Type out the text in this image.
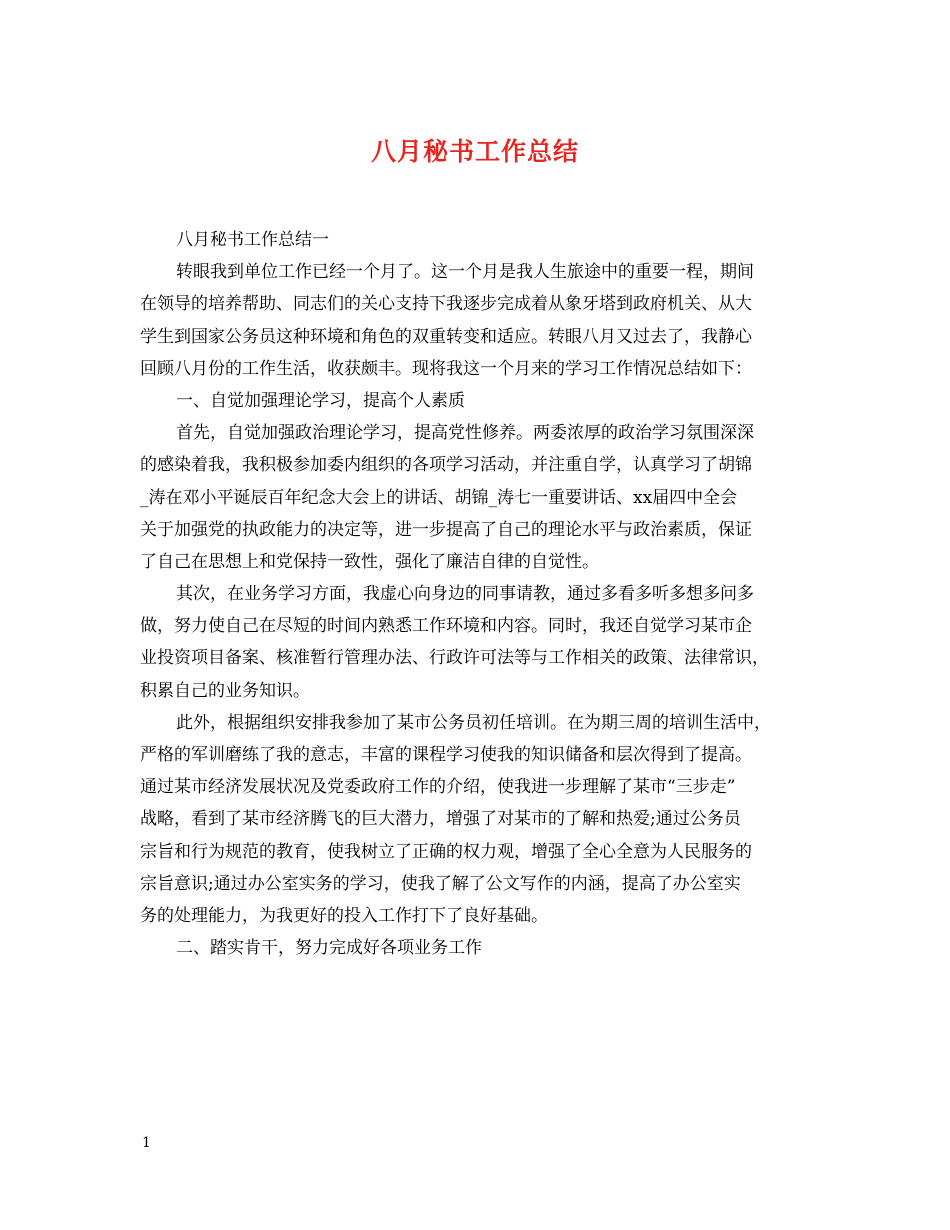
八月秘书工作总结
八月秘书工作总结一
转眼我到单位工作已经一个月了。这一个月是我人生旅途中的重要一程，期间
在领导的培养帮助、同志们的关心支持下我逐步完成着从象牙塔到政府机关、从大
学生到国家公务员这种环境和角色的双重转变和适应。转眼八月又过去了，我静心
回顾八月份的工作生活，收获颇丰。现将我这一个月来的学习工作情况总结如下：
一、自觉加强理论学习，提高个人素质
首先，自觉加强政治理论学习，提高党性修养。两委浓厚的政治学习氛围深深
的感染着我，我积极参加委内组织的各项学习活动，并注重自学，认真学习了胡锦
_涛在邓小平诞辰百年纪念大会上的讲话、胡锦_涛七一重要讲话、xx届四中全会
关于加强党的执政能力的决定等，进一步提高了自己的理论水平与政治素质，保证
了自己在思想上和党保持一致性，强化了廉洁自律的自觉性。
其次，在业务学习方面，我虚心向身边的同事请教，通过多看多听多想多问多
做，努力使自己在尽短的时间内熟悉工作环境和内容。同时，我还自觉学习某市企
业投资项目备案、核准暂行管理办法、行政许可法等与工作相关的政策、法律常识，
积累自己的业务知识。
此外，根据组织安排我参加了某市公务员初任培训。在为期三周的培训生活中，
严格的军训磨练了我的意志，丰富的课程学习使我的知识储备和层次得到了提高。
通过某市经济发展状况及党委政府工作的介绍，使我进一步理解了某市“三步走”
战略，看到了某市经济腾飞的巨大潜力，增强了对某市的了解和热爱;通过公务员
宗旨和行为规范的教育，使我树立了正确的权力观，增强了全心全意为人民服务的
宗旨意识;通过办公室实务的学习，使我了解了公文写作的内涵，提高了办公室实
务的处理能力，为我更好的投入工作打下了良好基础。
二、踏实肯干，努力完成好各项业务工作
1
